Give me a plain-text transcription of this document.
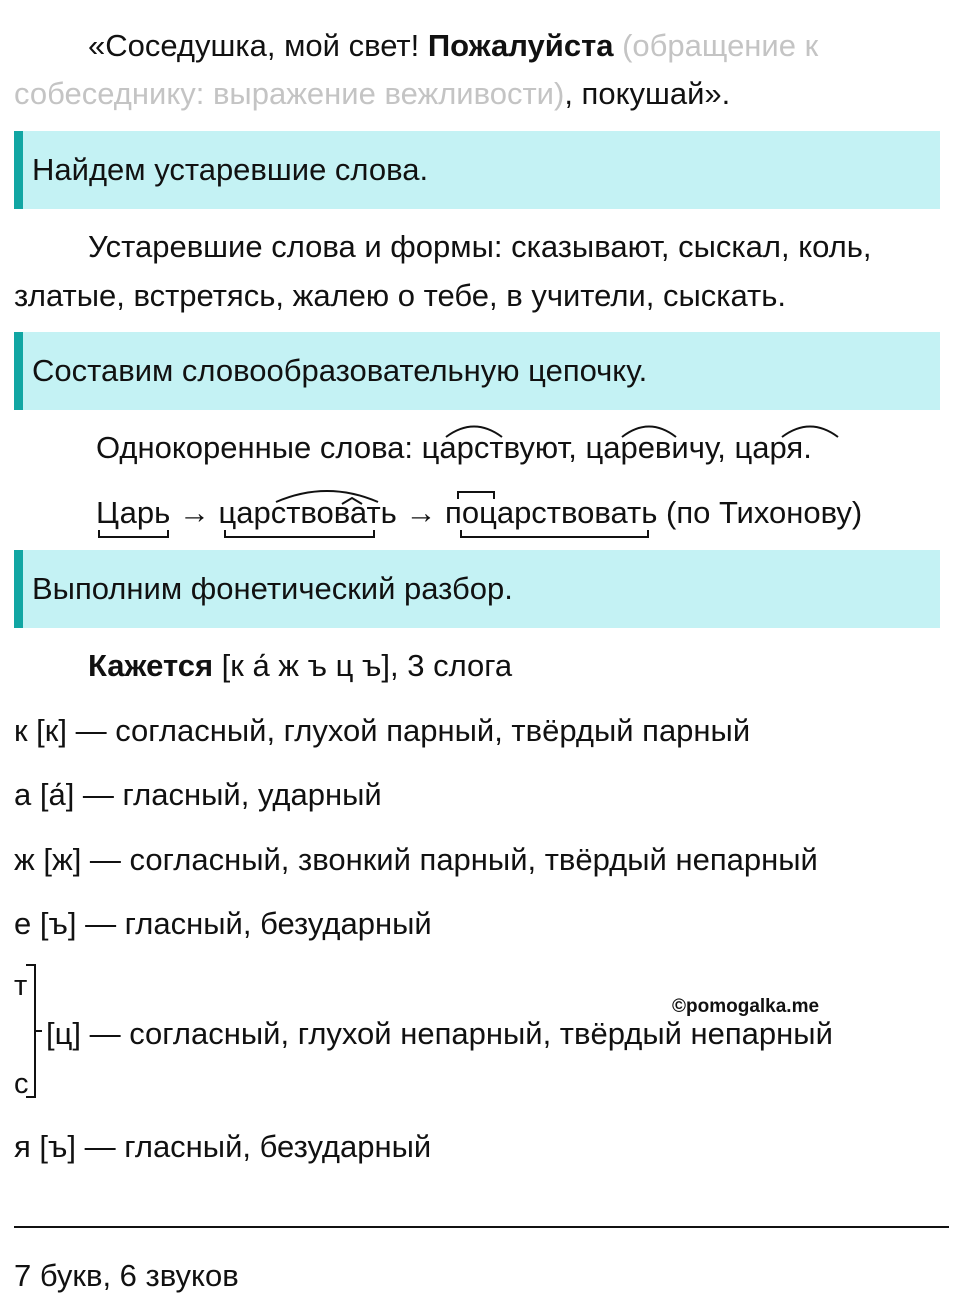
«Соседушка, мой свет! Пожалуйста (обращение к
собеседнику: выражение вежливости), покушай».
Найдем устаревшие слова.
Устаревшие слова и формы: сказывают, сыскал, коль,
златые, встретясь, жалею о тебе, в учители, сыскать.
Составим словообразовательную цепочку.
Однокоренные слова: царствуют, царевичу, царя.
Царь → царствовать → поцарствовать (по Тихонову)
Выполним фонетический разбор.
Кажется [к а́ ж ъ ц ъ], 3 слога
к [к] — согласный, глухой парный, твёрдый парный
а [а́] — гласный, ударный
ж [ж] — согласный, звонкий парный, твёрдый непарный
е [ъ] — гласный, безударный
т
[ц] — согласный, глухой непарный, твёрдый непарный
с
©pomogalka.me
я [ъ] — гласный, безударный
7 букв, 6 звуков
